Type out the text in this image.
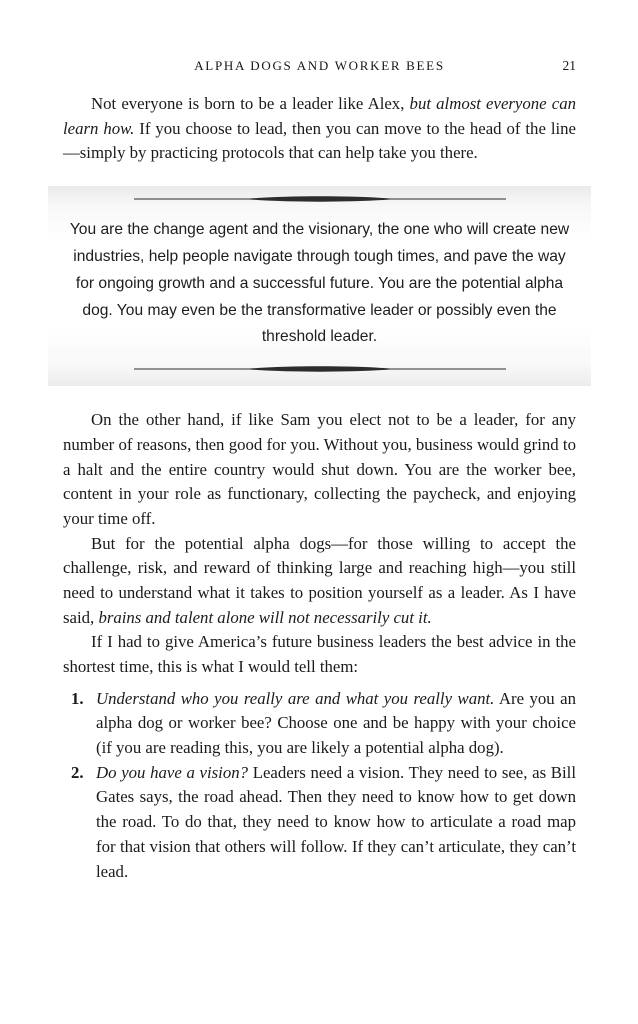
ALPHA DOGS AND WORKER BEES	21

Not everyone is born to be a leader like Alex, but almost everyone can learn how. If you choose to lead, then you can move to the head of the line—simply by practicing protocols that can help take you there.

You are the change agent and the visionary, the one who will create new industries, help people navigate through tough times, and pave the way for ongoing growth and a successful future. You are the potential alpha dog. You may even be the transformative leader or possibly even the threshold leader.

On the other hand, if like Sam you elect not to be a leader, for any number of reasons, then good for you. Without you, business would grind to a halt and the entire country would shut down. You are the worker bee, content in your role as functionary, collecting the paycheck, and enjoying your time off.

But for the potential alpha dogs—for those willing to accept the challenge, risk, and reward of thinking large and reaching high—you still need to understand what it takes to position yourself as a leader. As I have said, brains and talent alone will not necessarily cut it.

If I had to give America’s future business leaders the best advice in the shortest time, this is what I would tell them:

1. Understand who you really are and what you really want. Are you an alpha dog or worker bee? Choose one and be happy with your choice (if you are reading this, you are likely a potential alpha dog).
2. Do you have a vision? Leaders need a vision. They need to see, as Bill Gates says, the road ahead. Then they need to know how to get down the road. To do that, they need to know how to articulate a road map for that vision that others will follow. If they can’t articulate, they can’t lead.
